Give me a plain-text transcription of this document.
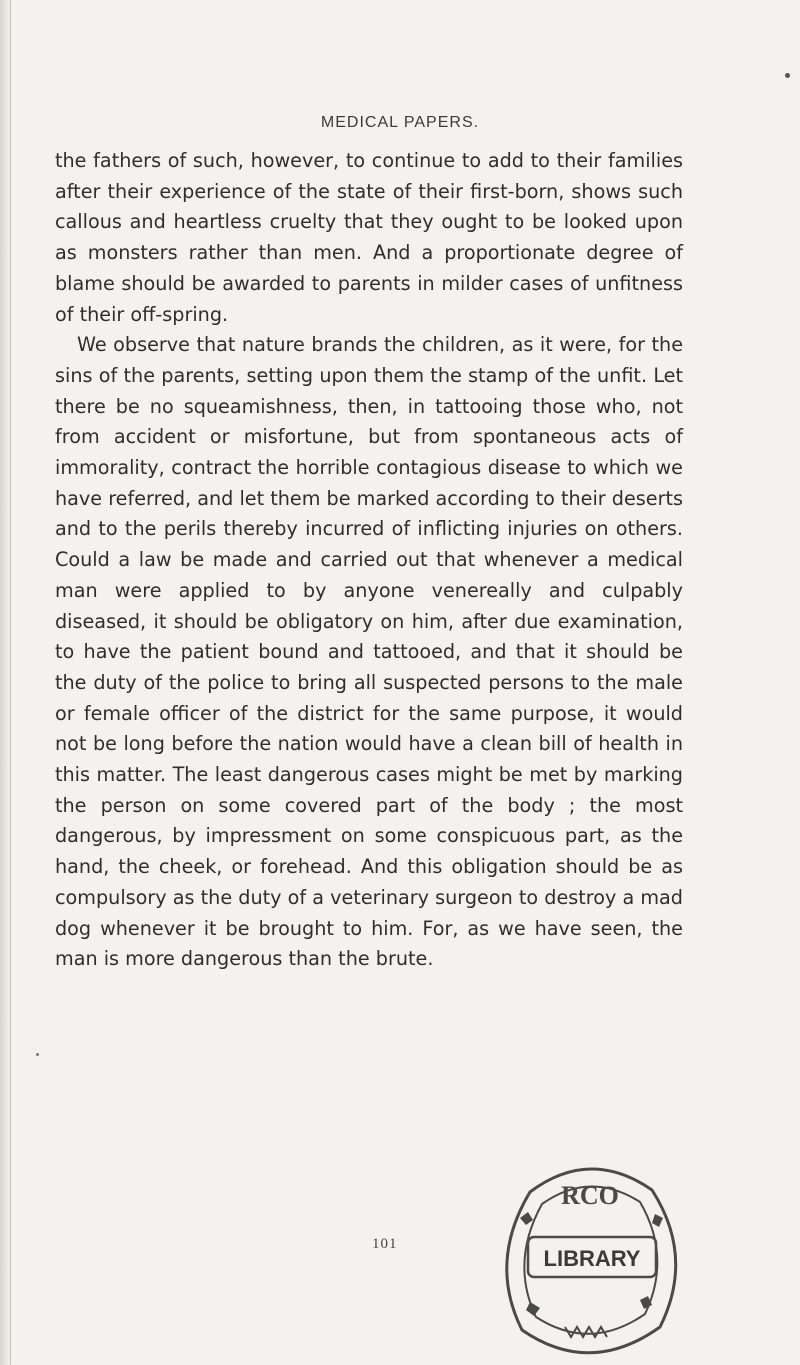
MEDICAL PAPERS.

the fathers of such, however, to continue to add to their families after their experience of the state of their first-born, shows such callous and heartless cruelty that they ought to be looked upon as monsters rather than men. And a proportionate degree of blame should be awarded to parents in milder cases of unfitness of their off-spring.

We observe that nature brands the children, as it were, for the sins of the parents, setting upon them the stamp of the unfit. Let there be no squeamishness, then, in tattooing those who, not from accident or misfortune, but from spontaneous acts of immorality, contract the horrible contagious disease to which we have referred, and let them be marked according to their deserts and to the perils thereby incurred of inflicting injuries on others. Could a law be made and carried out that whenever a medical man were applied to by anyone venereally and culpably diseased, it should be obligatory on him, after due examination, to have the patient bound and tattooed, and that it should be the duty of the police to bring all suspected persons to the male or female officer of the district for the same purpose, it would not be long before the nation would have a clean bill of health in this matter. The least dangerous cases might be met by marking the person on some covered part of the body ; the most dangerous, by impressment on some conspicuous part, as the hand, the cheek, or forehead. And this obligation should be as compulsory as the duty of a veterinary surgeon to destroy a mad dog whenever it be brought to him. For, as we have seen, the man is more dangerous than the brute.

101
RCO
LIBRARY
